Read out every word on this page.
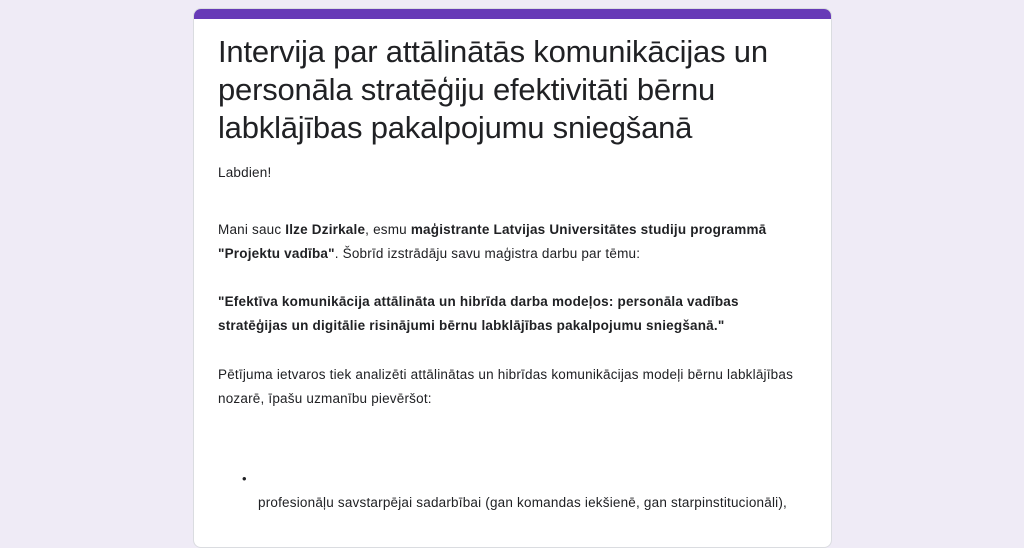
Intervija par attālinātās komunikācijas un personāla stratēģiju efektivitāti bērnu labklājības pakalpojumu sniegšanā
Labdien!
Mani sauc Ilze Dzirkale, esmu maģistrante Latvijas Universitātes studiju programmā "Projektu vadība". Šobrīd izstrādāju savu maģistra darbu par tēmu:
"Efektīva komunikācija attālināta un hibrīda darba modeļos: personāla vadības stratēģijas un digitālie risinājumi bērnu labklājības pakalpojumu sniegšanā."
Pētījuma ietvaros tiek analizēti attālinātas un hibrīdas komunikācijas modeļi bērnu labklājības nozarē, īpašu uzmanību pievēršot:
•
profesionāļu savstarpējai sadarbībai (gan komandas iekšienē, gan starpinstitucionāli),
